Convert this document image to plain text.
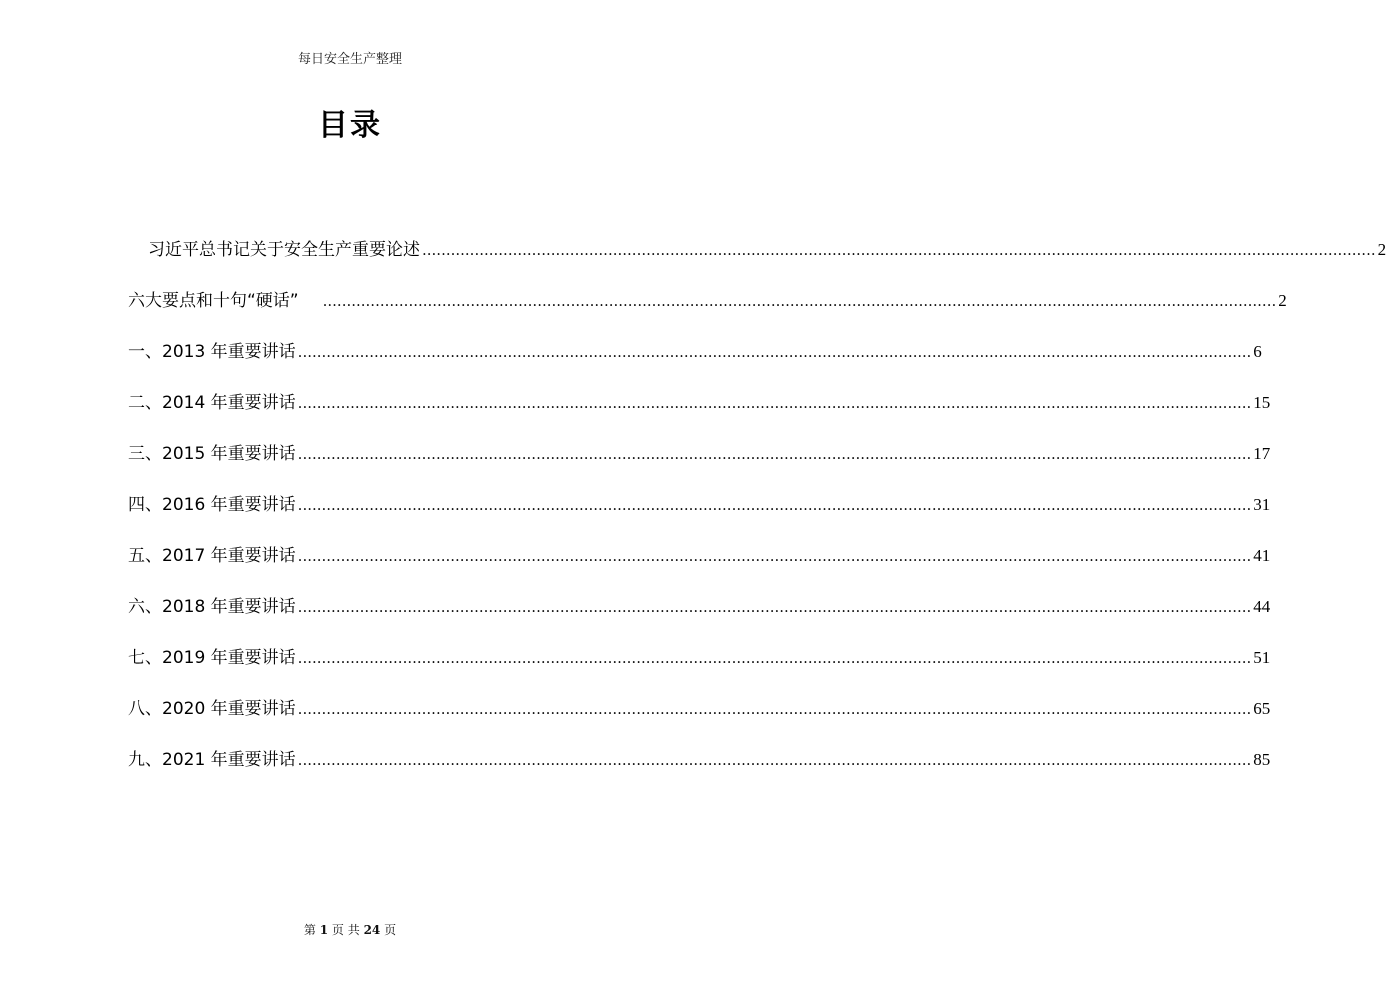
每日安全生产整理
目录
习近平总书记关于安全生产重要论述 ........................................................................................................................................................................................................ 2
六大要点和十句“硬话” ........................................................................................................................................................................................................ 2
一、2013 年重要讲话 ........................................................................................................................................................................................................ 6
二、2014 年重要讲话 ........................................................................................................................................................................................................ 15
三、2015 年重要讲话 ........................................................................................................................................................................................................ 17
四、2016 年重要讲话 ........................................................................................................................................................................................................ 31
五、2017 年重要讲话 ........................................................................................................................................................................................................ 41
六、2018 年重要讲话 ........................................................................................................................................................................................................ 44
七、2019 年重要讲话 ........................................................................................................................................................................................................ 51
八、2020 年重要讲话 ........................................................................................................................................................................................................ 65
九、2021 年重要讲话 ........................................................................................................................................................................................................ 85
第 1 页 共 24 页
